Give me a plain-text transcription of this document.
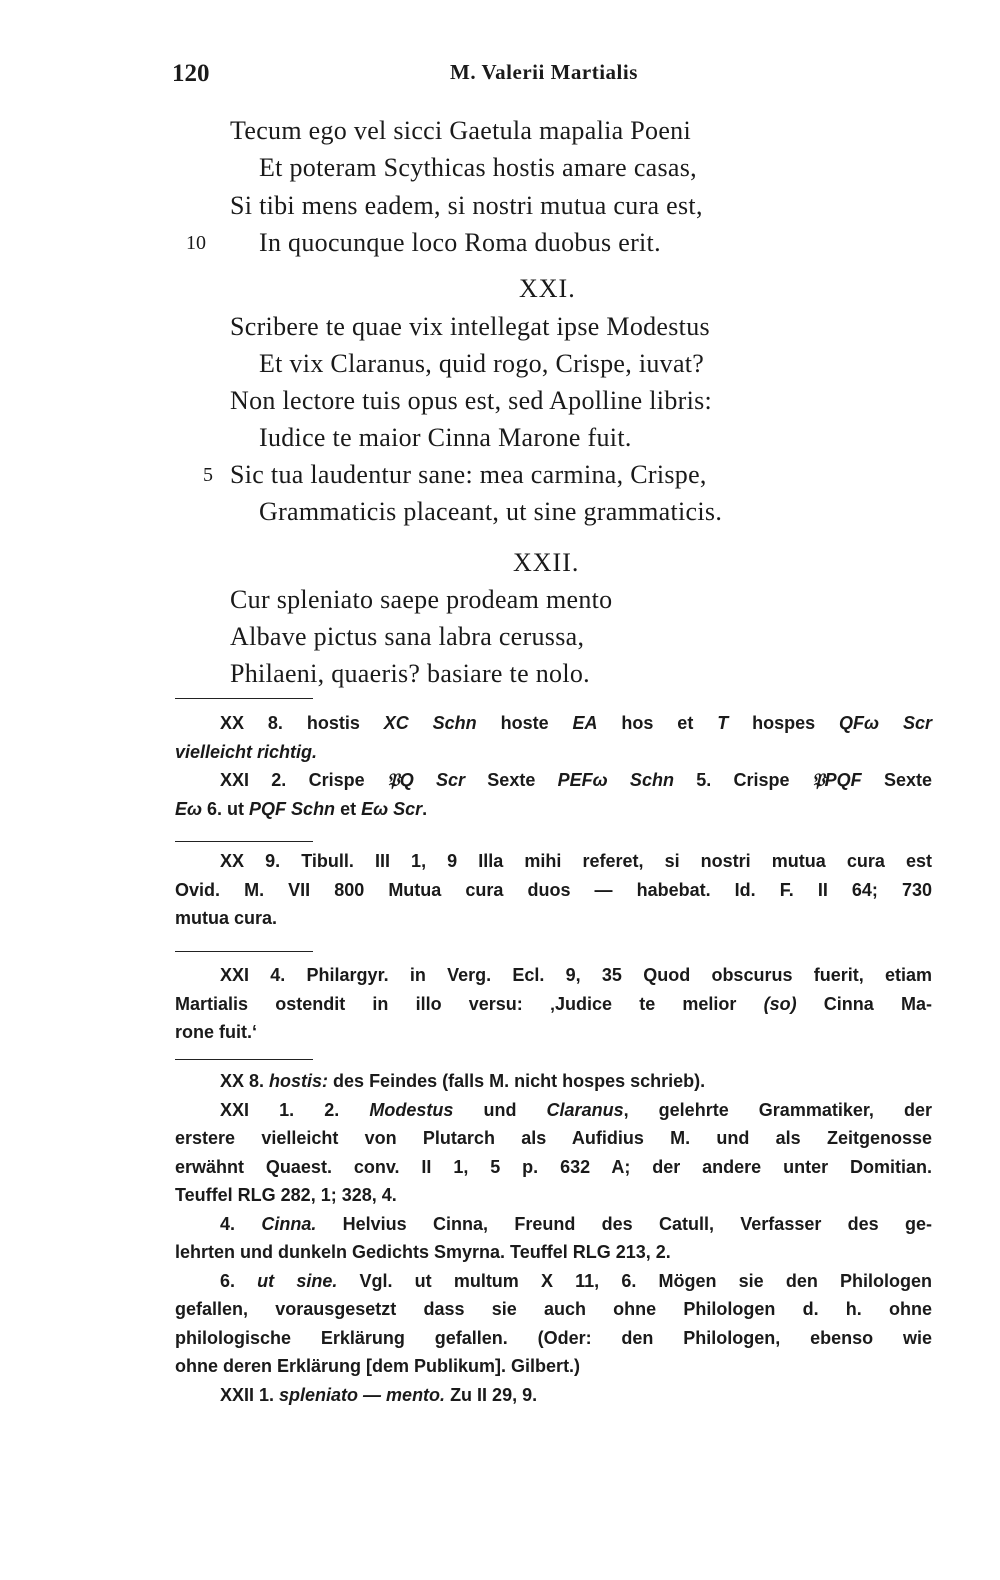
120	M. Valerii Martialis
Tecum ego vel sicci Gaetula mapalia Poeni
Et poteram Scythicas hostis amare casas,
Si tibi mens eadem, si nostri mutua cura est,
10 In quocunque loco Roma duobus erit.
XXI.
Scribere te quae vix intellegat ipse Modestus
Et vix Claranus, quid rogo, Crispe, iuvat?
Non lectore tuis opus est, sed Apolline libris:
Iudice te maior Cinna Marone fuit.
5 Sic tua laudentur sane: mea carmina, Crispe,
Grammaticis placeant, ut sine grammaticis.
XXII.
Cur spleniato saepe prodeam mento
Albave pictus sana labra cerussa,
Philaeni, quaeris? basiare te nolo.
XX 8. hostis XC Schn hoste EA hos et T hospes QFω Scr
vielleicht richtig.
XXI 2. Crispe 𝔓Q Scr Sexte PEFω Schn 5. Crispe 𝔓PQF Sexte
Eω 6. ut PQF Schn et Eω Scr.
XX 9. Tibull. III 1, 9 Illa mihi referet, si nostri mutua cura est
Ovid. M. VII 800 Mutua cura duos — habebat. Id. F. II 64; 730
mutua cura.
XXI 4. Philargyr. in Verg. Ecl. 9, 35 Quod obscurus fuerit, etiam
Martialis ostendit in illo versu: ‚Judice te melior (so) Cinna Ma-
rone fuit.‘
XX 8. hostis: des Feindes (falls M. nicht hospes schrieb).
XXI 1. 2. Modestus und Claranus, gelehrte Grammatiker, der
erstere vielleicht von Plutarch als Aufidius M. und als Zeitgenosse
erwähnt Quaest. conv. II 1, 5 p. 632 A; der andere unter Domitian.
Teuffel RLG 282, 1; 328, 4.
4. Cinna. Helvius Cinna, Freund des Catull, Verfasser des ge-
lehrten und dunkeln Gedichts Smyrna. Teuffel RLG 213, 2.
6. ut sine. Vgl. ut multum X 11, 6. Mögen sie den Philologen
gefallen, vorausgesetzt dass sie auch ohne Philologen d. h. ohne
philologische Erklärung gefallen. (Oder: den Philologen, ebenso wie
ohne deren Erklärung [dem Publikum]. Gilbert.)
XXII 1. spleniato — mento. Zu II 29, 9.
